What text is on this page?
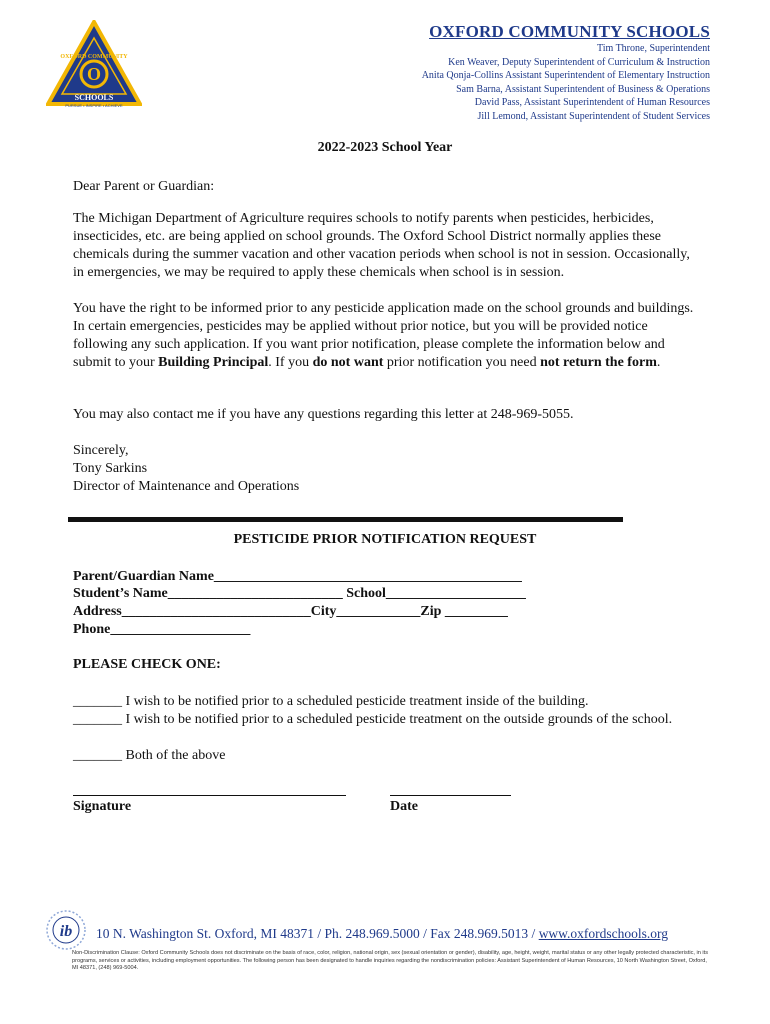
O
OXFORD COMMUNITY
SCHOOLS
PURSUE • INSPIRE • ACHIEVE
OXFORD COMMUNITY SCHOOLS
Tim Throne, Superintendent
Ken Weaver, Deputy Superintendent of Curriculum & Instruction
Anita Qonja-Collins Assistant Superintendent of Elementary Instruction
Sam Barna, Assistant Superintendent of Business & Operations
David Pass, Assistant Superintendent of Human Resources
Jill Lemond, Assistant Superintendent of Student Services
2022-2023 School Year
Dear Parent or Guardian:
The Michigan Department of Agriculture requires schools to notify parents when pesticides, herbicides, insecticides, etc. are being applied on school grounds. The Oxford School District normally applies these chemicals during the summer vacation and other vacation periods when school is not in session. Occasionally, in emergencies, we may be required to apply these chemicals when school is in session.
You have the right to be informed prior to any pesticide application made on the school grounds and buildings. In certain emergencies, pesticides may be applied without prior notice, but you will be provided notice following any such application. If you want prior notification, please complete the information below and submit to your Building Principal. If you do not want prior notification you need not return the form.
You may also contact me if you have any questions regarding this letter at 248-969-5055.
Sincerely,
Tony Sarkins
Director of Maintenance and Operations
PESTICIDE PRIOR NOTIFICATION REQUEST
Parent/Guardian Name____________________________________________
Student’s Name_________________________ School____________________
Address___________________________City____________Zip _________
Phone____________________
PLEASE CHECK ONE:
_______ I wish to be notified prior to a scheduled pesticide treatment inside of the building.
_______ I wish to be notified prior to a scheduled pesticide treatment on the outside grounds of the school.
_______ Both of the above
Signature	Date
ib 10 N. Washington St. Oxford, MI 48371 / Ph. 248.969.5000 / Fax 248.969.5013 / www.oxfordschools.org
Non-Discrimination Clause: Oxford Community Schools does not discriminate on the basis of race, color, religion, national origin, sex (sexual orientation or gender), disability, age, height, weight, marital status or any other legally protected characteristic, in its programs, services or activities, including employment opportunities. The following person has been designated to handle inquiries regarding the nondiscrimination policies: Assistant Superintendent of Human Resources, 10 North Washington Street, Oxford, MI 48371, (248) 969-5004.
